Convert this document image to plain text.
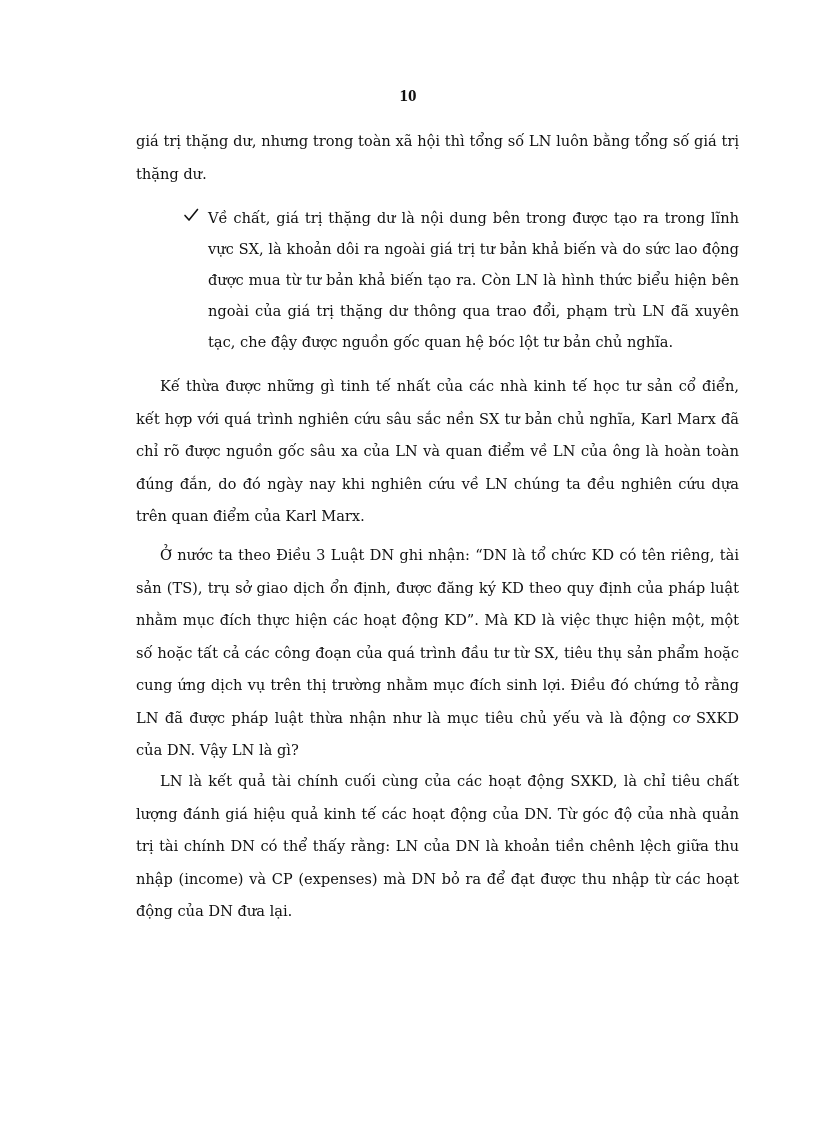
10

giá trị thặng dư, nhưng trong toàn xã hội thì tổng số LN luôn bằng tổng số giá trị thặng dư.

Về chất, giá trị thặng dư là nội dung bên trong được tạo ra trong lĩnh vực SX, là khoản dôi ra ngoài giá trị tư bản khả biến và do sức lao động được mua từ tư bản khả biến tạo ra. Còn LN là hình thức biểu hiện bên ngoài của giá trị thặng dư thông qua trao đổi, phạm trù LN đã xuyên tạc, che đậy được nguồn gốc quan hệ bóc lột tư bản chủ nghĩa.

Kế thừa được những gì tinh tế nhất của các nhà kinh tế học tư sản cổ điển, kết hợp với quá trình nghiên cứu sâu sắc nền SX tư bản chủ nghĩa, Karl Marx đã chỉ rõ được nguồn gốc sâu xa của LN và quan điểm về LN của ông là hoàn toàn đúng đắn, do đó ngày nay khi nghiên cứu về LN chúng ta đều nghiên cứu dựa trên quan điểm của Karl Marx.

Ở nước ta theo Điều 3 Luật DN ghi nhận: “DN là tổ chức KD có tên riêng, tài sản (TS), trụ sở giao dịch ổn định, được đăng ký KD theo quy định của pháp luật nhằm mục đích thực hiện các hoạt động KD”. Mà KD là việc thực hiện một, một số hoặc tất cả các công đoạn của quá trình đầu tư từ SX, tiêu thụ sản phẩm hoặc cung ứng dịch vụ trên thị trường nhằm mục đích sinh lợi. Điều đó chứng tỏ rằng LN đã được pháp luật thừa nhận như là mục tiêu chủ yếu và là động cơ SXKD của DN. Vậy LN là gì?

LN là kết quả tài chính cuối cùng của các hoạt động SXKD, là chỉ tiêu chất lượng đánh giá hiệu quả kinh tế các hoạt động của DN. Từ góc độ của nhà quản trị tài chính DN có thể thấy rằng: LN của DN là khoản tiền chênh lệch giữa thu nhập (income) và CP (expenses) mà DN bỏ ra để đạt được thu nhập từ các hoạt động của DN đưa lại.
